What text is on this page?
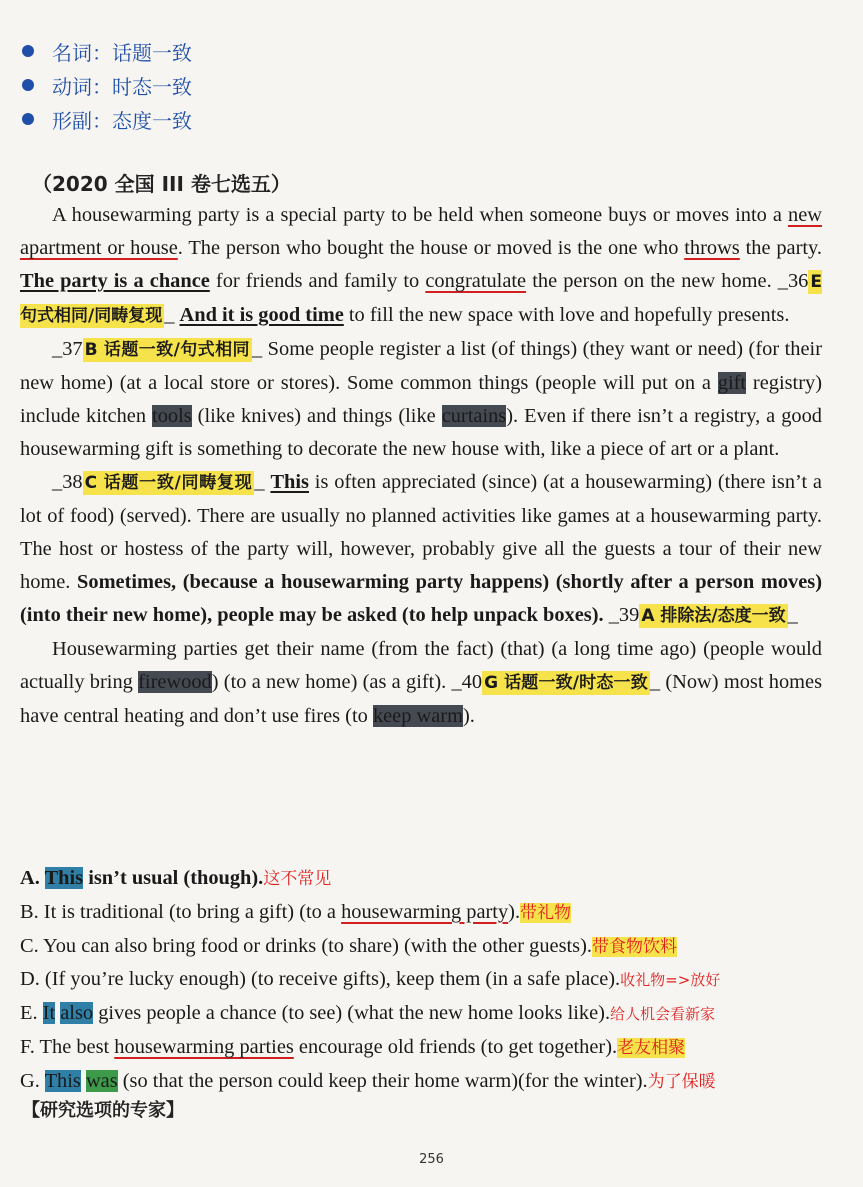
名词：话题一致
动词：时态一致
形副：态度一致
（2020 全国 III 卷七选五）

A housewarming party is a special party to be held when someone buys or moves into a new apartment or house. The person who bought the house or moved is the one who throws the party. The party is a chance for friends and family to congratulate the person on the new home. _36 E 句式相同/同畴复现_ And it is good time to fill the new space with love and hopefully presents.

_37 B 话题一致/句式相同_ Some people register a list (of things) (they want or need) (for their new home) (at a local store or stores). Some common things (people will put on a gift registry) include kitchen tools (like knives) and things (like curtains). Even if there isn’t a registry, a good housewarming gift is something to decorate the new house with, like a piece of art or a plant.

_38 C 话题一致/同畴复现_ This is often appreciated (since) (at a housewarming) (there isn’t a lot of food) (served). There are usually no planned activities like games at a housewarming party. The host or hostess of the party will, however, probably give all the guests a tour of their new home. Sometimes, (because a housewarming party happens) (shortly after a person moves) (into their new home), people may be asked (to help unpack boxes). _39 A 排除法/态度一致_

Housewarming parties get their name (from the fact) (that) (a long time ago) (people would actually bring firewood) (to a new home) (as a gift). _40 G 话题一致/时态一致_ (Now) most homes have central heating and don’t use fires (to keep warm).

A. This isn’t usual (though).这不常见
B. It is traditional (to bring a gift) (to a housewarming party).带礼物
C. You can also bring food or drinks (to share) (with the other guests).带食物饮料
D. (If you’re lucky enough) (to receive gifts), keep them (in a safe place).收礼物=>放好
E. It also gives people a chance (to see) (what the new home looks like).给人机会看新家
F. The best housewarming parties encourage old friends (to get together).老友相聚
G. This was (so that the person could keep their home warm)(for the winter).为了保暖
【研究选项的专家】
256
